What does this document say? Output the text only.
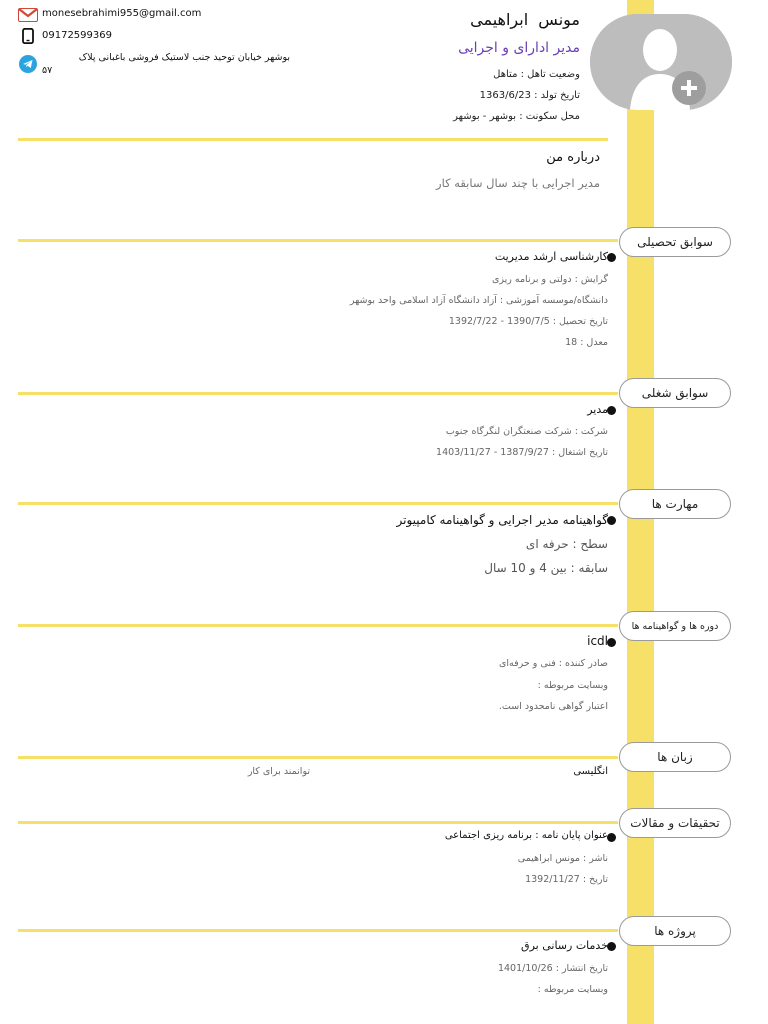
monesebrahimi955@gmail.com
09172599369
بوشهر خیابان توحید جنب لاستیک فروشی باغبانی پلاک
۵۷
مونس  ابراهیمی
مدیر ادارای و اجرایی
وضعیت تاهل : متاهل
تاریخ تولد : 1363/6/23
محل سکونت : بوشهر - بوشهر
درباره من
مدیر اجرایی با چند سال سابقه کار
سوابق تحصیلی
کارشناسی ارشد مدیریت
گرایش : دولتی و برنامه ریزی
دانشگاه/موسسه آموزشی : آزاد دانشگاه آزاد اسلامی واحد بوشهر
تاریخ تحصیل : 1390/7/5 - 1392/7/22
معدل : 18
سوابق شغلی
مدیر
شرکت : شرکت صنعتگران لنگرگاه جنوب
تاریخ اشتغال : 1387/9/27 - 1403/11/27
مهارت ها
گواهینامه مدیر اجرایی و گواهینامه کامپیوتر
سطح : حرفه ای
سابقه : بین 4 و 10 سال
دوره ها و گواهینامه ها
icdl
صادر کننده : فنی و حرفه‌ای
وبسایت مربوطه :
اعتبار گواهی نامحدود است.
زبان ها
انگلیسی
توانمند برای کار
تحقیقات و مقالات
عنوان پایان نامه : برنامه ریزی اجتماعی
ناشر : مونس ابراهیمی
تاریخ : 1392/11/27
پروژه ها
خدمات رسانی برق
تاریخ انتشار : 1401/10/26
وبسایت مربوطه :
